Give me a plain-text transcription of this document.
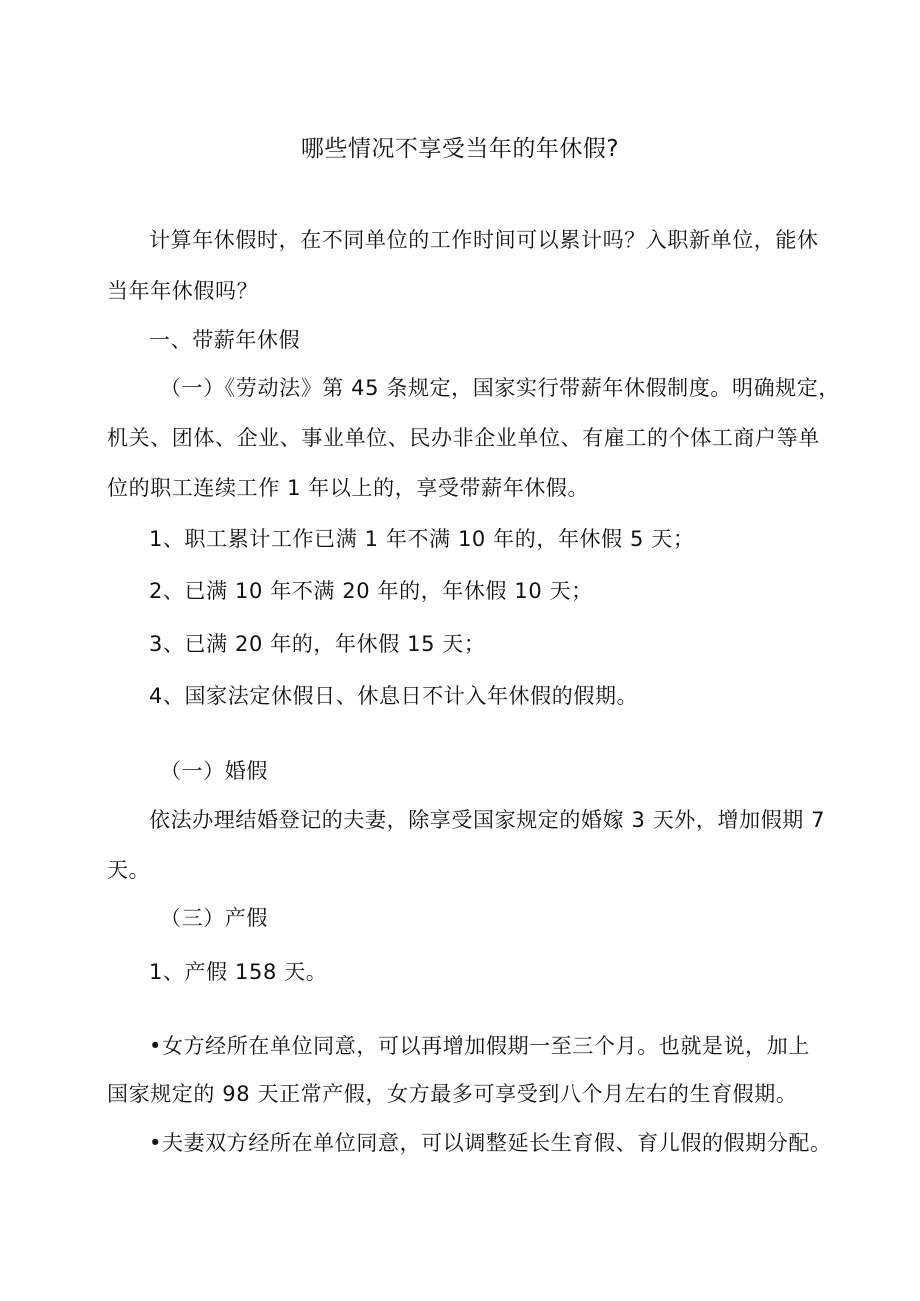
哪些情况不享受当年的年休假?
计算年休假时，在不同单位的工作时间可以累计吗？入职新单位，能休
当年年休假吗？
一、带薪年休假
（一）《劳动法》第 45 条规定，国家实行带薪年休假制度。明确规定，
机关、团体、企业、事业单位、民办非企业单位、有雇工的个体工商户等单
位的职工连续工作 1 年以上的，享受带薪年休假。
1、职工累计工作已满 1 年不满 10 年的，年休假 5 天；
2、已满 10 年不满 20 年的，年休假 10 天；
3、已满 20 年的，年休假 15 天；
4、国家法定休假日、休息日不计入年休假的假期。
（一）婚假
依法办理结婚登记的夫妻，除享受国家规定的婚嫁 3 天外，增加假期 7
天。
（三）产假
1、产假 158 天。
•女方经所在单位同意，可以再增加假期一至三个月。也就是说，加上
国家规定的 98 天正常产假，女方最多可享受到八个月左右的生育假期。
•夫妻双方经所在单位同意，可以调整延长生育假、育儿假的假期分配。
